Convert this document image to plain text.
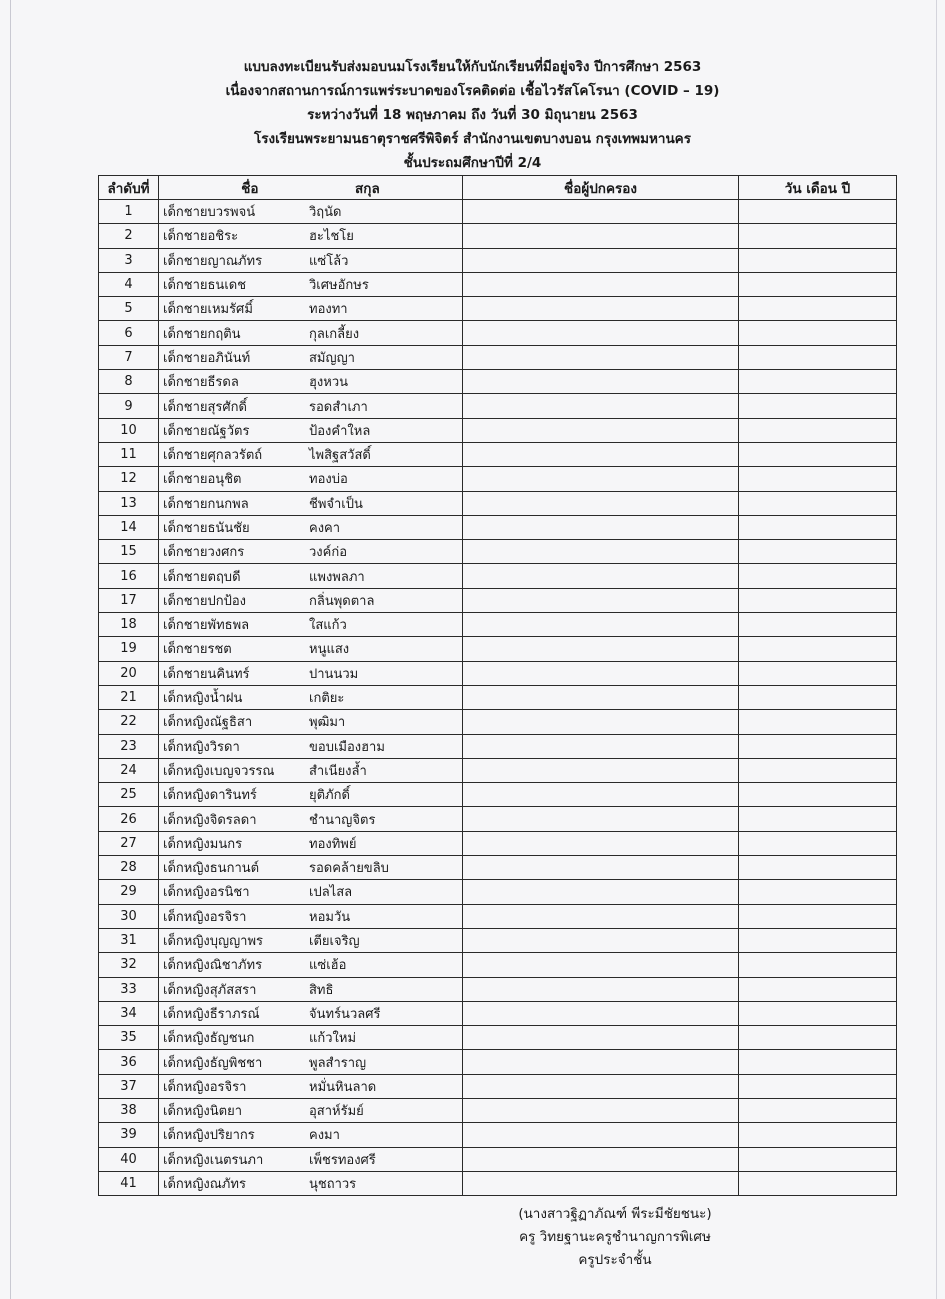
แบบลงทะเบียนรับส่งมอบนมโรงเรียนให้กับนักเรียนที่มีอยู่จริง ปีการศึกษา 2563
เนื่องจากสถานการณ์การแพร่ระบาดของโรคติดต่อ เชื้อไวรัสโคโรนา (COVID – 19)
ระหว่างวันที่ 18 พฤษภาคม ถึง วันที่ 30 มิถุนายน 2563
โรงเรียนพระยามนธาตุราชศรีพิจิตร์ สำนักงานเขตบางบอน กรุงเทพมหานคร
ชั้นประถมศึกษาปีที่ 2/4
ลำดับที่	ชื่อ สกุล	ชื่อผู้ปกครอง	วัน เดือน ปี
1	เด็กชายบวรพจน์ วิฤนัด		

2	เด็กชายอชิระ ฮะไชโย		

3	เด็กชายญาณภัทร แซ่โล้ว		

4	เด็กชายธนเดช วิเศษอักษร		

5	เด็กชายเหมรัศมิ์ ทองทา		

6	เด็กชายกฤติน กุลเกลี้ยง		

7	เด็กชายอภินันท์ สมัญญา		

8	เด็กชายธีรดล ฮุงหวน		

9	เด็กชายสุรศักดิ์ รอดสำเภา		

10	เด็กชายณัฐวัตร ป้องคำใหล		

11	เด็กชายศุกลวรัตถ์ ไพสิฐสวัสดิ์		

12	เด็กชายอนุชิต ทองบ่อ		

13	เด็กชายกนกพล ชีพจำเป็น		

14	เด็กชายธนันชัย คงคา		

15	เด็กชายวงศกร วงค์ก่อ		

16	เด็กชายตฤบดี แพงพลภา		

17	เด็กชายปกป้อง กลิ่นพุดตาล		

18	เด็กชายพัทธพล ใสแก้ว		

19	เด็กชายรชต หนูแสง		

20	เด็กชายนคินทร์ ปานนวม		

21	เด็กหญิงน้ำฝน เกติยะ		

22	เด็กหญิงณัฐธิสา พุฒิมา		

23	เด็กหญิงวิรดา ขอบเมืองฮาม		

24	เด็กหญิงเบญจวรรณ สำเนียงล้ำ		

25	เด็กหญิงดารินทร์ ยุติภักดิ์		

26	เด็กหญิงจิดรลดา ชำนาญจิตร		

27	เด็กหญิงมนกร ทองทิพย์		

28	เด็กหญิงธนกานต์ รอดคล้ายขลิบ		

29	เด็กหญิงอรนิชา เปลไสล		

30	เด็กหญิงอรจิรา หอมวัน		

31	เด็กหญิงบุญญาพร เตียเจริญ		

32	เด็กหญิงณิชาภัทร แซ่เฮ้อ		

33	เด็กหญิงสุภัสสรา สิทธิ		

34	เด็กหญิงธีราภรณ์ จันทร์นวลศรี		

35	เด็กหญิงธัญชนก แก้วใหม่		

36	เด็กหญิงธัญพิชชา พูลสำราญ		

37	เด็กหญิงอรจิรา หมั่นหินลาด		

38	เด็กหญิงนิตยา อุสาห์รัมย์		

39	เด็กหญิงปริยากร คงมา		

40	เด็กหญิงเนตรนภา เพ็ชรทองศรี		

41	เด็กหญิงณภัทร นุชถาวร		

(นางสาวฐิฏาภัณฑ์ พีระมีชัยชนะ)
ครู วิทยฐานะครูชำนาญการพิเศษ
ครูประจำชั้น
